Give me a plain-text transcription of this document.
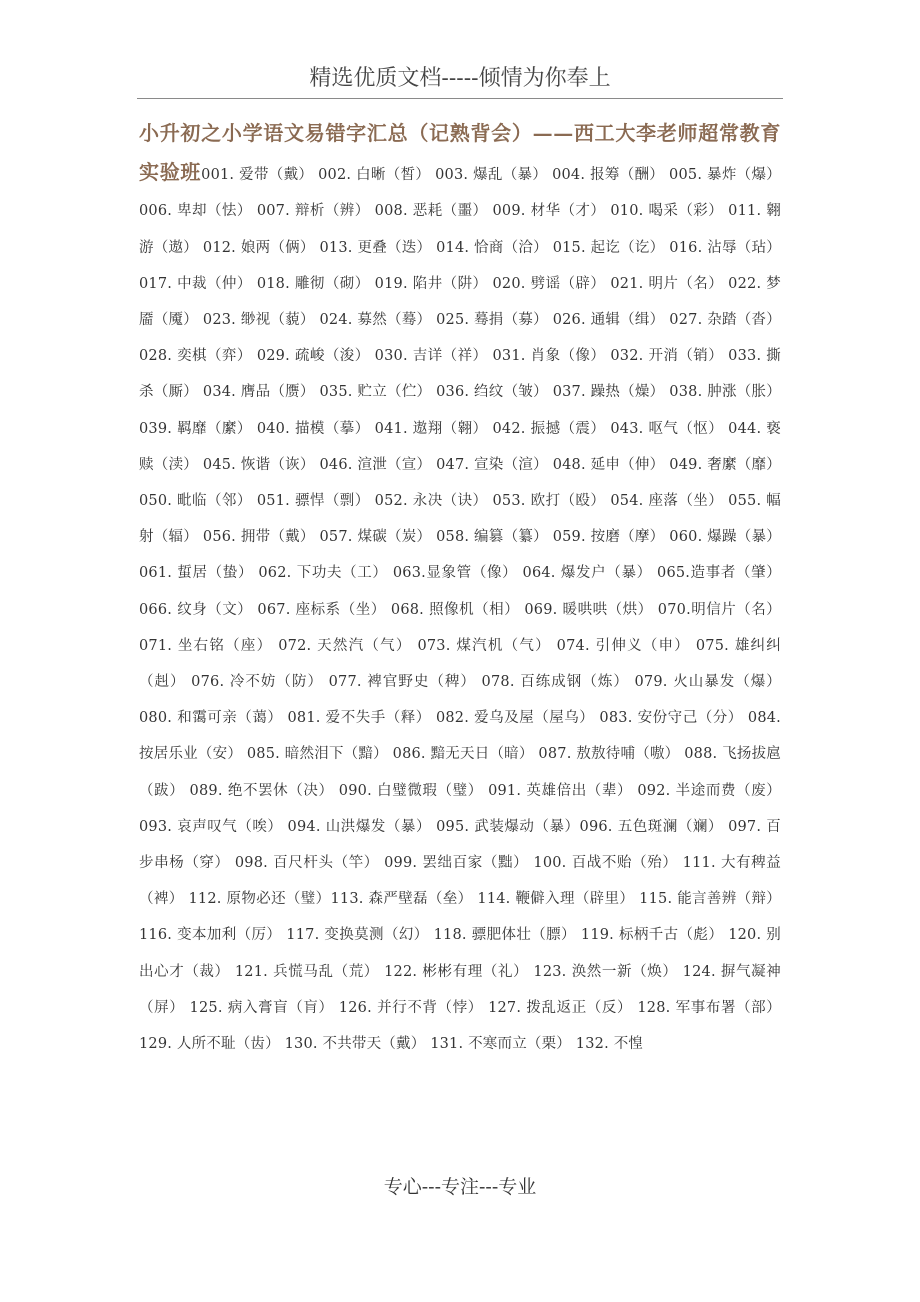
精选优质文档-----倾情为你奉上
小升初之小学语文易错字汇总（记熟背会）——西工大李老师超常教育实验班001. 爱带（戴） 002. 白晰（皙） 003. 爆乱（暴） 004. 报筹（酬） 005. 暴炸（爆） 006. 卑却（怯） 007. 辩析（辨） 008. 恶耗（噩） 009. 材华（才） 010. 喝采（彩） 011. 翱游（遨） 012. 娘两（俩） 013. 更叠（迭） 014. 恰商（洽） 015. 起讫（讫） 016. 沾辱（玷） 017. 中裁（仲） 018. 雕彻（砌） 019. 陷井（阱） 020. 劈谣（辟） 021. 明片（名） 022. 梦靥（魇） 023. 缈视（藐） 024. 募然（蓦） 025. 蓦捐（募） 026. 通辑（缉） 027. 杂踏（沓） 028. 奕棋（弈） 029. 疏峻（浚） 030. 吉详（祥） 031. 肖象（像） 032. 开消（销） 033. 撕杀（厮） 034. 膺品（赝） 035. 贮立（伫） 036. 绉纹（皱） 037. 躁热（燥） 038. 肿涨（胀） 039. 羁靡（縻） 040. 描模（摹） 041. 遨翔（翱） 042. 振撼（震） 043. 呕气（怄） 044. 亵赎（渎） 045. 恢谐（诙） 046. 渲泄（宣） 047. 宣染（渲） 048. 延申（伸） 049. 奢縻（靡） 050. 毗临（邻） 051. 骠悍（剽） 052. 永决（诀） 053. 欧打（殴） 054. 座落（坐） 055. 幅射（辐） 056. 拥带（戴） 057. 煤碳（炭） 058. 编篡（纂） 059. 按磨（摩） 060. 爆躁（暴） 061. 蜇居（蛰） 062. 下功夫（工） 063.显象管（像） 064. 爆发户（暴） 065.造事者（肇） 066. 纹身（文） 067. 座标系（坐） 068. 照像机（相） 069. 暖哄哄（烘） 070.明信片（名） 071. 坐右铭（座） 072. 天然汽（气） 073. 煤汽机（气） 074. 引伸义（申） 075. 雄纠纠（赳） 076. 冷不妨（防） 077. 裨官野史（稗） 078. 百练成钢（炼） 079. 火山暴发（爆） 080. 和霭可亲（蔼） 081. 爱不失手（释） 082. 爱乌及屋（屋乌） 083. 安份守己（分） 084. 按居乐业（安） 085. 暗然泪下（黯） 086. 黯无天日（暗） 087. 敖敖待哺（嗷） 088. 飞扬拔扈（跋） 089. 绝不罢休（决） 090. 白璧微瑕（璧） 091. 英雄倍出（辈） 092. 半途而费（废） 093. 哀声叹气（唉） 094. 山洪爆发（暴） 095. 武装爆动（暴）096. 五色斑澜（斓） 097. 百步串杨（穿） 098. 百尺杆头（竿） 099. 罢绌百家（黜） 100. 百战不贻（殆） 111. 大有稗益（裨） 112. 原物必还（璧）113. 森严壁磊（垒） 114. 鞭僻入理（辟里） 115. 能言善辨（辩） 116. 变本加利（厉） 117. 变换莫测（幻） 118. 骠肥体壮（膘） 119. 标柄千古（彪） 120. 别出心才（裁） 121. 兵慌马乱（荒） 122. 彬彬有理（礼） 123. 涣然一新（焕） 124. 摒气凝神（屏） 125. 病入膏盲（肓） 126. 并行不背（悖） 127. 拨乱返正（反） 128. 军事布署（部） 129. 人所不耻（齿） 130. 不共带天（戴） 131. 不寒而立（栗） 132. 不惶
专心---专注---专业
